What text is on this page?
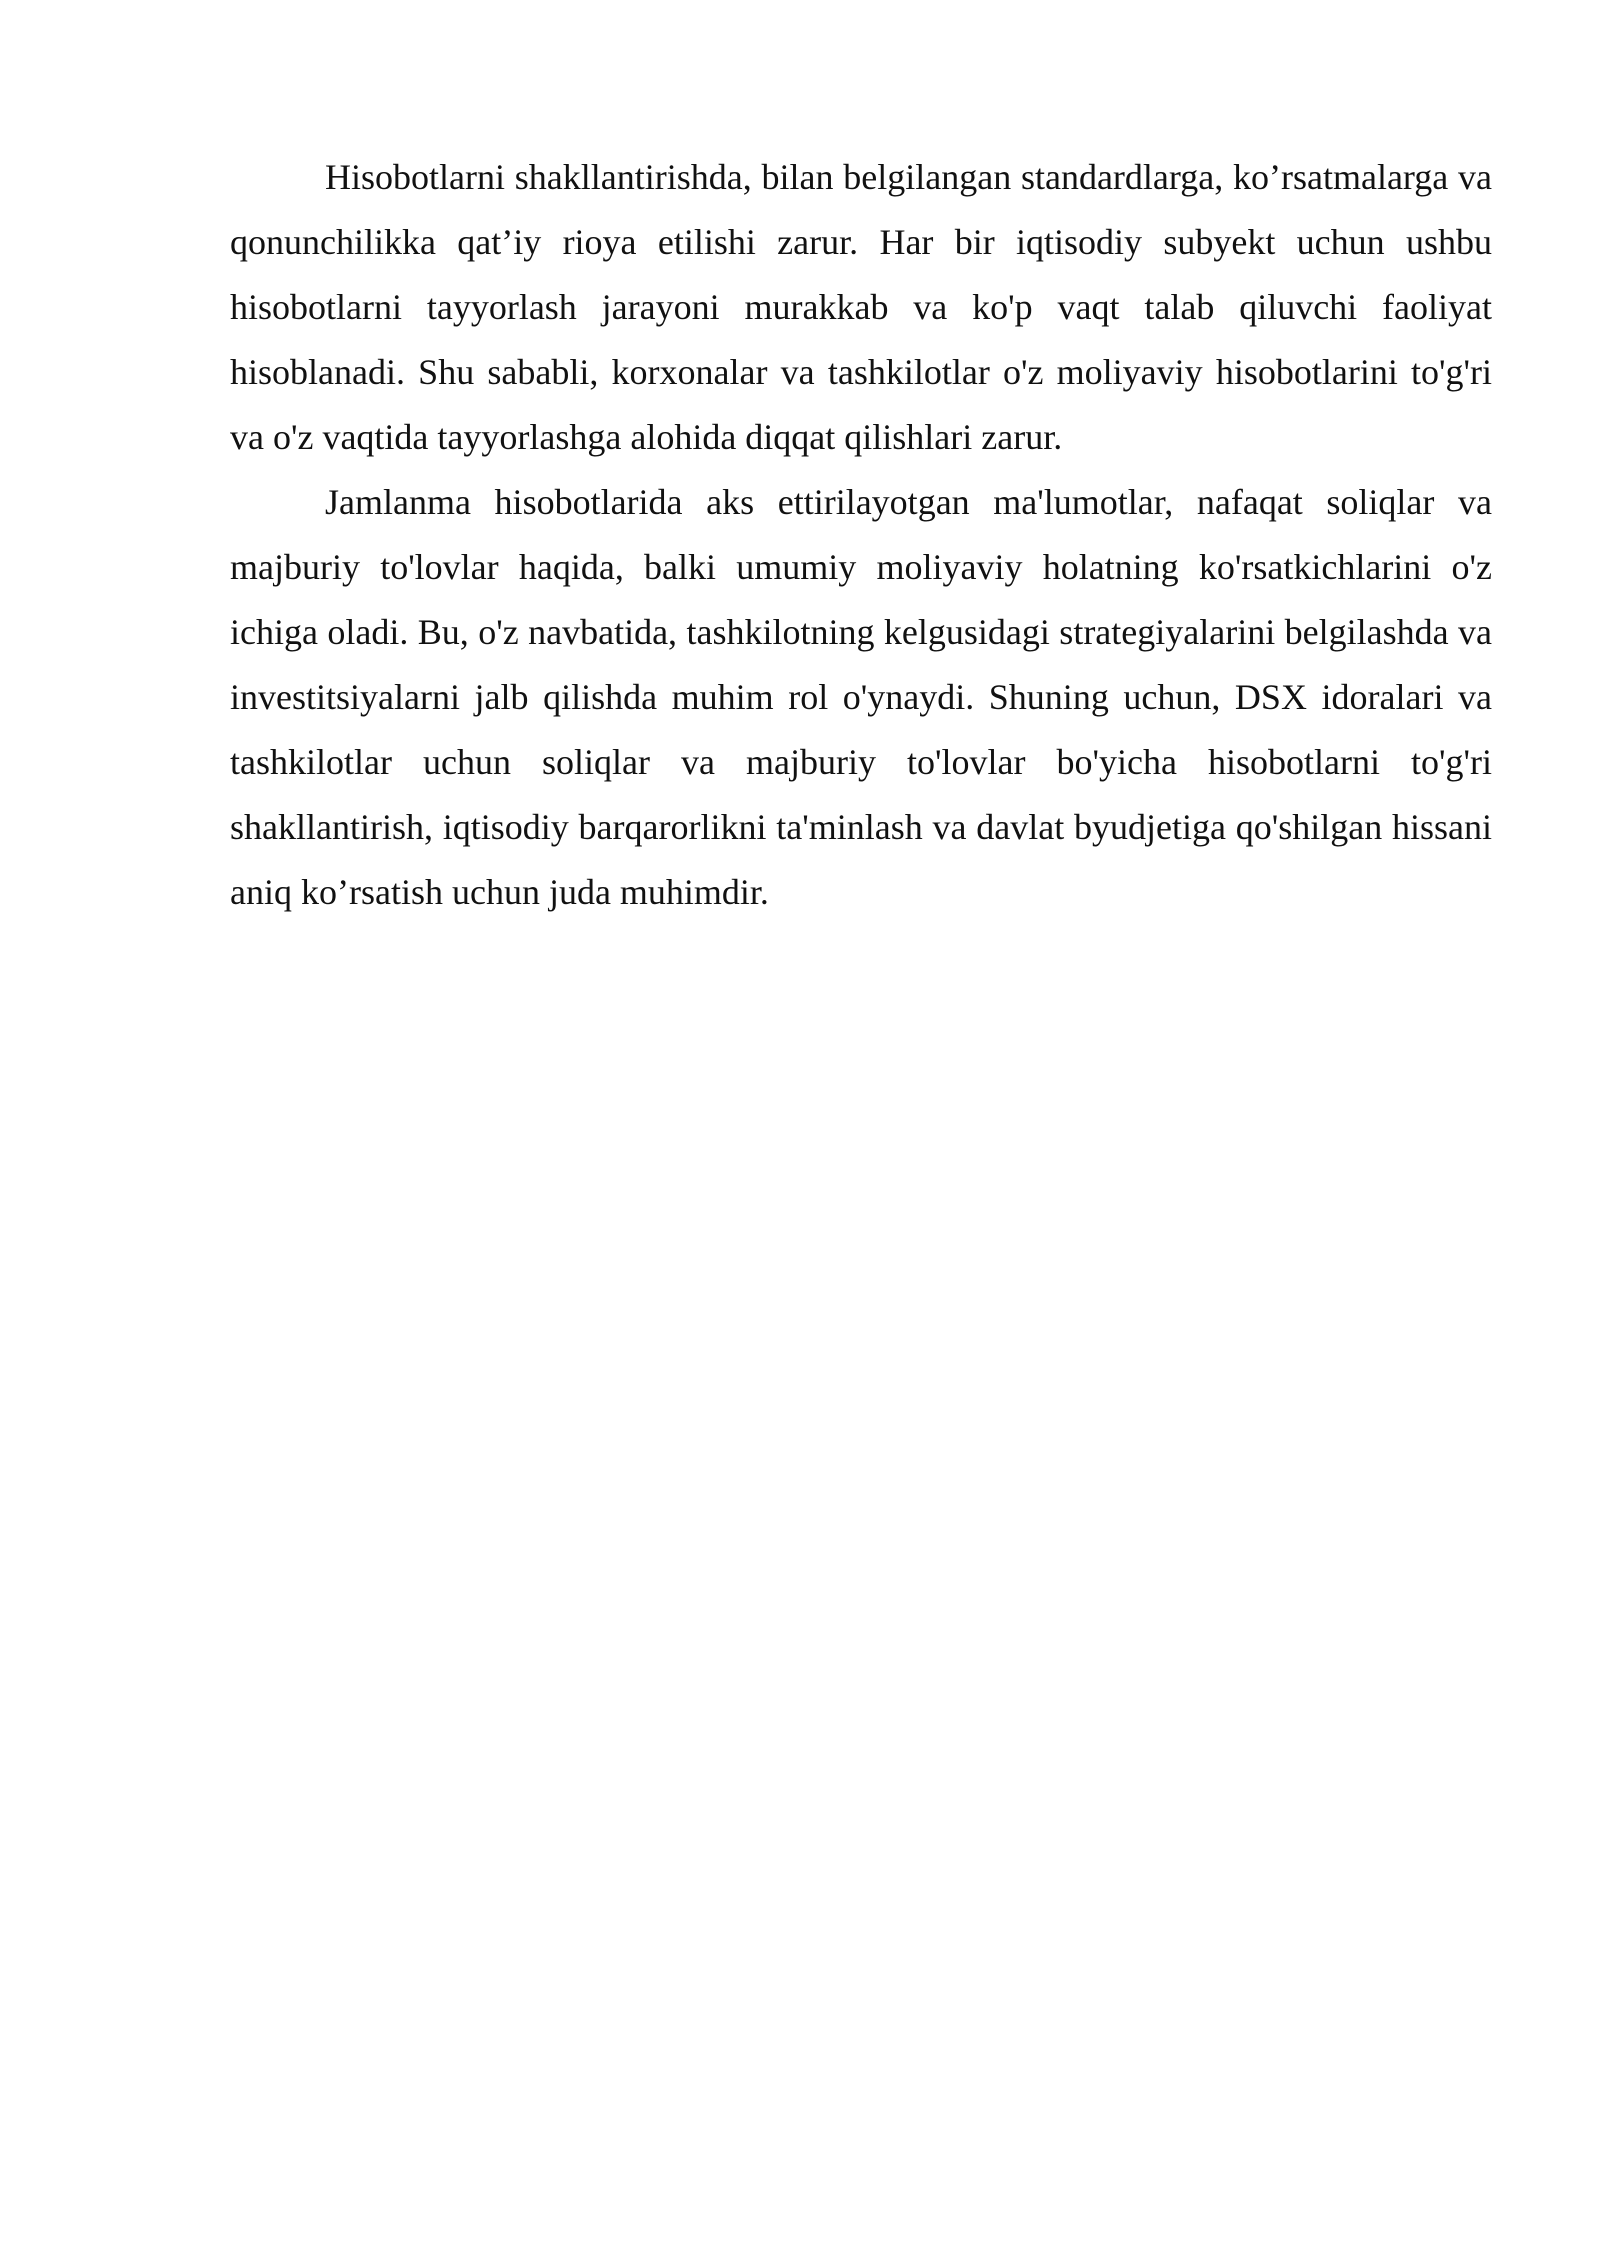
Hisobotlarni shakllantirishda, bilan belgilangan standardlarga, ko’rsatmalarga va qonunchilikka qat’iy rioya etilishi zarur. Har bir iqtisodiy subyekt uchun ushbu hisobotlarni tayyorlash jarayoni murakkab va ko'p vaqt talab qiluvchi faoliyat hisoblanadi. Shu sababli, korxonalar va tashkilotlar o'z moliyaviy hisobotlarini to'g'ri va o'z vaqtida tayyorlashga alohida diqqat qilishlari zarur.

Jamlanma hisobotlarida aks ettirilayotgan ma'lumotlar, nafaqat soliqlar va majburiy to'lovlar haqida, balki umumiy moliyaviy holatning ko'rsatkichlarini o'z ichiga oladi. Bu, o'z navbatida, tashkilotning kelgusidagi strategiyalarini belgilashda va investitsiyalarni jalb qilishda muhim rol o'ynaydi. Shuning uchun, DSX idoralari va tashkilotlar uchun soliqlar va majburiy to'lovlar bo'yicha hisobotlarni to'g'ri shakllantirish, iqtisodiy barqarorlikni ta'minlash va davlat byudjetiga qo'shilgan hissani aniq ko’rsatish uchun juda muhimdir.
